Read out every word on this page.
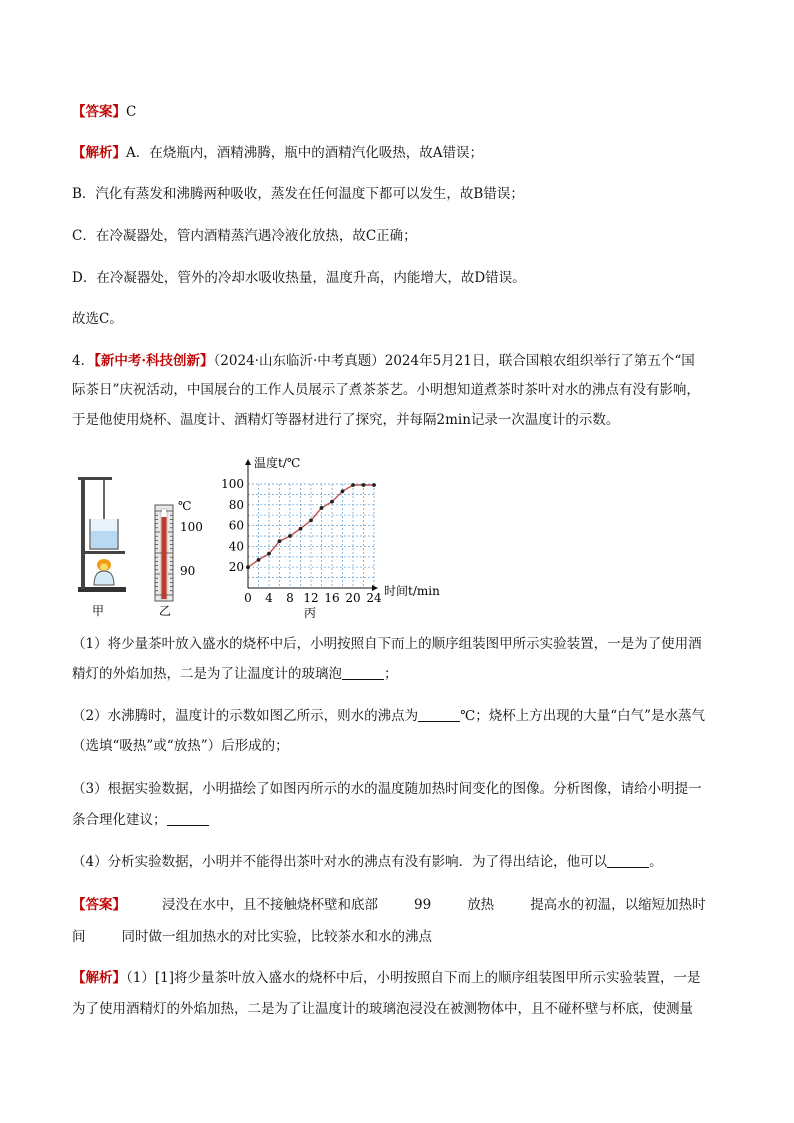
【答案】C
【解析】A．在烧瓶内，酒精沸腾，瓶中的酒精汽化吸热，故A错误；
B．汽化有蒸发和沸腾两种吸收，蒸发在任何温度下都可以发生，故B错误；
C．在冷凝器处，管内酒精蒸汽遇冷液化放热，故C正确；
D．在冷凝器处，管外的冷却水吸收热量，温度升高，内能增大，故D错误。
故选C。
4．【新中考·科技创新】（2024·山东临沂·中考真题）2024年5月21日，联合国粮农组织举行了第五个“国
际茶日”庆祝活动，中国展台的工作人员展示了煮茶茶艺。小明想知道煮茶时茶叶对水的沸点有没有影响，
于是他使用烧杯、温度计、酒精灯等器材进行了探究，并每隔2min记录一次温度计的示数。
℃
100
90	20
40
60
80
100
0 4 8 12 16 20 24
温度t/℃
时间t/min
甲	乙	丙
（1）将少量茶叶放入盛水的烧杯中后，小明按照自下而上的顺序组装图甲所示实验装置，一是为了使用酒
精灯的外焰加热，二是为了让温度计的玻璃泡	；
（2）水沸腾时，温度计的示数如图乙所示，则水的沸点为	℃；烧杯上方出现的大量“白气”是水蒸气
（选填“吸热”或“放热”）后形成的；
（3）根据实验数据，小明描绘了如图丙所示的水的温度随加热时间变化的图像。分析图像，请给小明提一
条合理化建议；
（4）分析实验数据，小明并不能得出茶叶对水的沸点有没有影响．为了得出结论，他可以	。
【答案】	浸没在水中，且不接触烧杯壁和底部	99	放热	提高水的初温，以缩短加热时
间	同时做一组加热水的对比实验，比较茶水和水的沸点
【解析】（1）[1]将少量茶叶放入盛水的烧杯中后，小明按照自下而上的顺序组装图甲所示实验装置，一是
为了使用酒精灯的外焰加热，二是为了让温度计的玻璃泡浸没在被测物体中，且不碰杯壁与杯底，使测量
